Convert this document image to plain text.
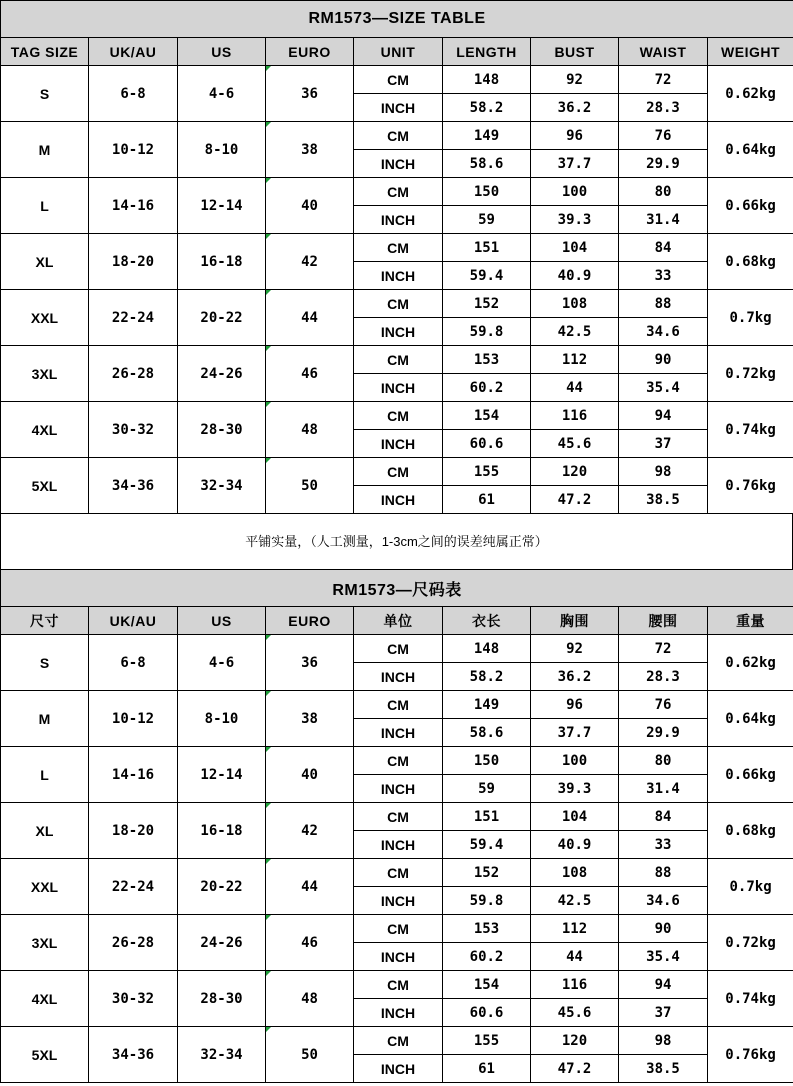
RM1573—SIZE TABLE								
TAG SIZE	UK/AU	US	EURO	UNIT	LENGTH	BUST	WAIST	WEIGHT
S	6-8	4-6	36	CM	148	92	72	0.62kg
				INCH	58.2	36.2	28.3	
M	10-12	8-10	38	CM	149	96	76	0.64kg
				INCH	58.6	37.7	29.9	
L	14-16	12-14	40	CM	150	100	80	0.66kg
				INCH	59	39.3	31.4	
XL	18-20	16-18	42	CM	151	104	84	0.68kg
				INCH	59.4	40.9	33	
XXL	22-24	20-22	44	CM	152	108	88	0.7kg
				INCH	59.8	42.5	34.6	
3XL	26-28	24-26	46	CM	153	112	90	0.72kg
				INCH	60.2	44	35.4	
4XL	30-32	28-30	48	CM	154	116	94	0.74kg
				INCH	60.6	45.6	37	
5XL	34-36	32-34	50	CM	155	120	98	0.76kg
				INCH	61	47.2	38.5	
平铺实量，（人工测量，1-3cm之间的误差纯属正常）
RM1573—尺码表								
尺寸	UK/AU	US	EURO	单位	衣长	胸围	腰围	重量
S	6-8	4-6	36	CM	148	92	72	0.62kg
				INCH	58.2	36.2	28.3	
M	10-12	8-10	38	CM	149	96	76	0.64kg
				INCH	58.6	37.7	29.9	
L	14-16	12-14	40	CM	150	100	80	0.66kg
				INCH	59	39.3	31.4	
XL	18-20	16-18	42	CM	151	104	84	0.68kg
				INCH	59.4	40.9	33	
XXL	22-24	20-22	44	CM	152	108	88	0.7kg
				INCH	59.8	42.5	34.6	
3XL	26-28	24-26	46	CM	153	112	90	0.72kg
				INCH	60.2	44	35.4	
4XL	30-32	28-30	48	CM	154	116	94	0.74kg
				INCH	60.6	45.6	37	
5XL	34-36	32-34	50	CM	155	120	98	0.76kg
				INCH	61	47.2	38.5	
